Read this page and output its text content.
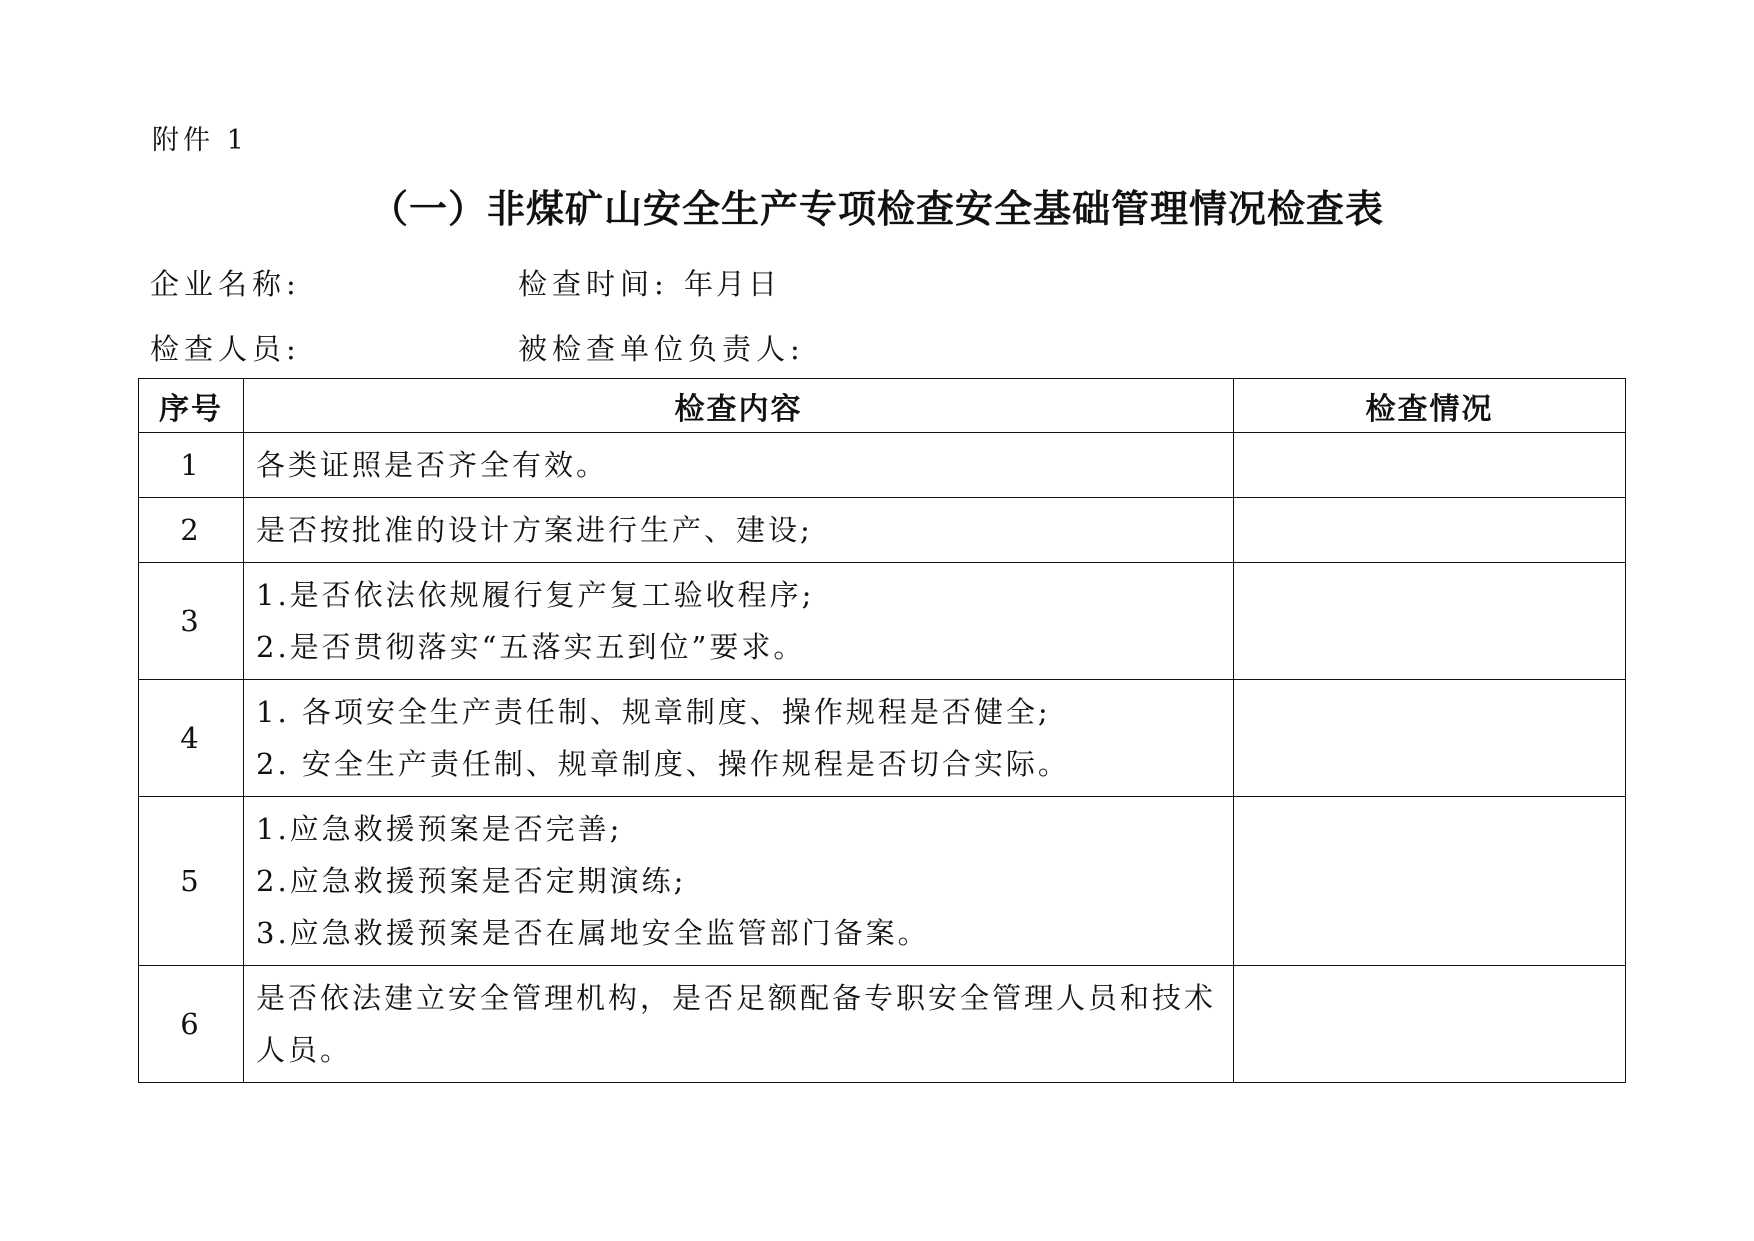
附件 1
（一）非煤矿山安全生产专项检查安全基础管理情况检查表
企业名称:	检查时间: 年月日
检查人员:	被检查单位负责人:
序号	检查内容	检查情况
1	各类证照是否齐全有效。	

2	是否按批准的设计方案进行生产、建设;	

3	1.是否依法依规履行复产复工验收程序;
2.是否贯彻落实“五落实五到位”要求。	

4	1. 各项安全生产责任制、规章制度、操作规程是否健全;
2. 安全生产责任制、规章制度、操作规程是否切合实际。	

5	1.应急救援预案是否完善;
2.应急救援预案是否定期演练;
3.应急救援预案是否在属地安全监管部门备案。	

6	是否依法建立安全管理机构，是否足额配备专职安全管理人员和技术人员。	
